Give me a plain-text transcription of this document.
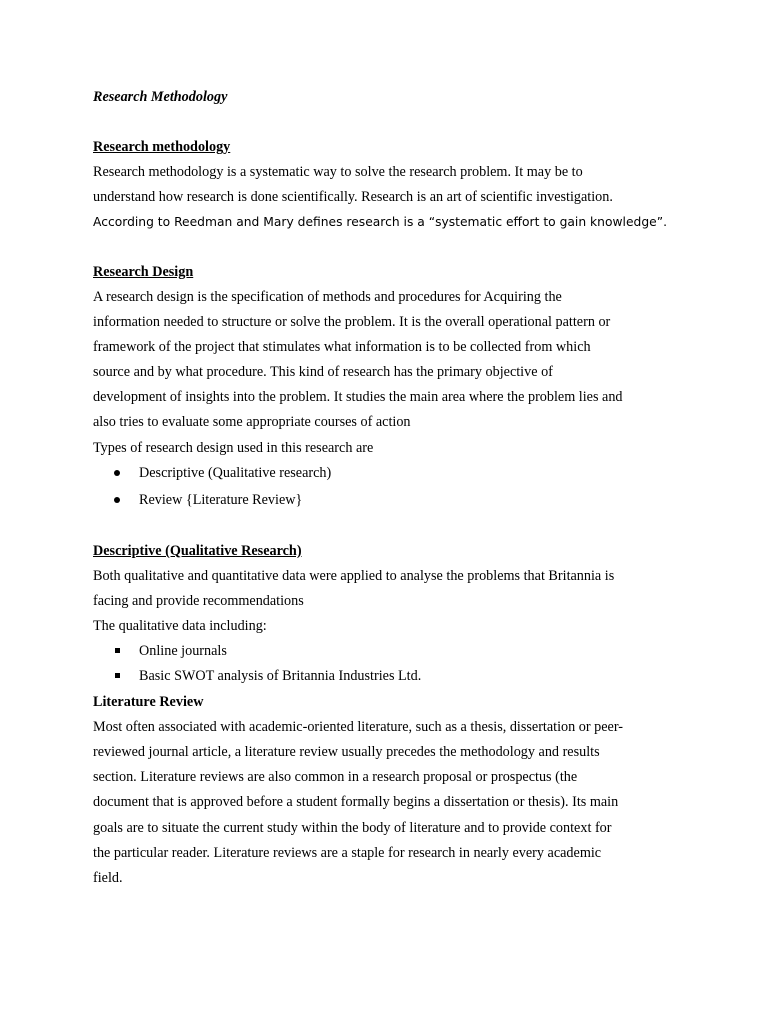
Research Methodology
Research methodology
Research methodology is a systematic way to solve the research problem. It may be to
understand how research is done scientifically. Research is an art of scientific investigation.
According to Reedman and Mary defines research is a “systematic effort to gain knowledge”.
Research Design
A research design is the specification of methods and procedures for Acquiring the
information needed to structure or solve the problem. It is the overall operational pattern or
framework of the project that stimulates what information is to be collected from which
source and by what procedure. This kind of research has the primary objective of
development of insights into the problem. It studies the main area where the problem lies and
also tries to evaluate some appropriate courses of action
Types of research design used in this research are
Descriptive (Qualitative research)
Review {Literature Review}
Descriptive (Qualitative Research)
Both qualitative and quantitative data were applied to analyse the problems that Britannia is
facing and provide recommendations
The qualitative data including:
Online journals
Basic SWOT analysis of Britannia Industries Ltd.
Literature Review
Most often associated with academic-oriented literature, such as a thesis, dissertation or peer-
reviewed journal article, a literature review usually precedes the methodology and results
section. Literature reviews are also common in a research proposal or prospectus (the
document that is approved before a student formally begins a dissertation or thesis). Its main
goals are to situate the current study within the body of literature and to provide context for
the particular reader. Literature reviews are a staple for research in nearly every academic
field.
